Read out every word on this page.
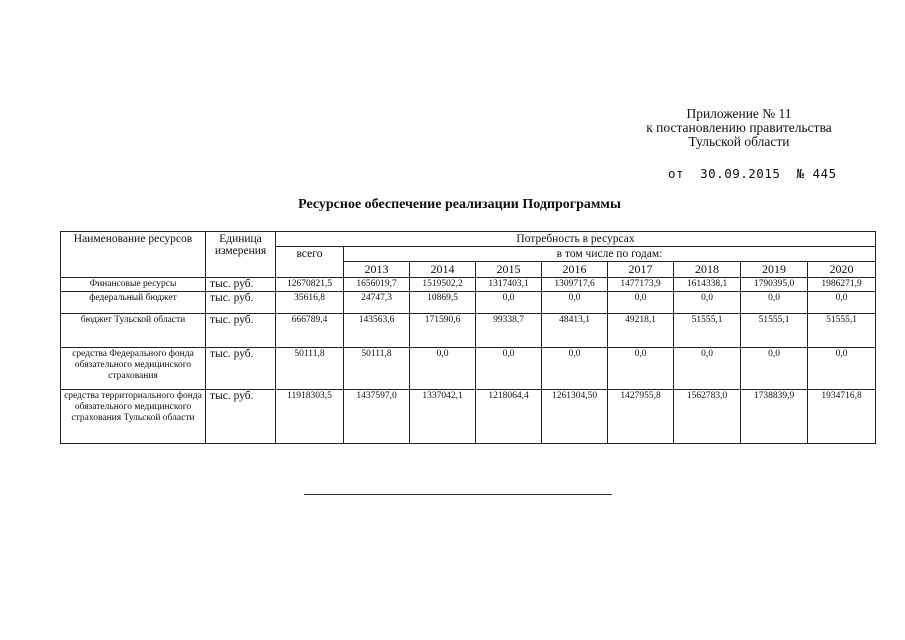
Приложение № 11
к постановлению правительства
Тульской области
от 30.09.2015 № 445
Ресурсное обеспечение реализации Подпрограммы
Наименование ресурсов	Единица измерения	Потребность в ресурсах								
		всего	в том числе по годам:							
			2013	2014	2015	2016	2017	2018	2019	2020
Финансовые ресурсы	тыс. руб.	12670821,5	1656019,7	1519502,2	1317403,1	1309717,6	1477173,9	1614338,1	1790395,0	1986271,9
федеральный бюджет	тыс. руб.	35616,8	24747,3	10869,5	0,0	0,0	0,0	0,0	0,0	0,0
бюджет Тульской области	тыс. руб.	666789,4	143563,6	171590,6	99338,7	48413,1	49218,1	51555,1	51555,1	51555,1
средства Федерального фонда обязательного медицинского страхования	тыс. руб.	50111,8	50111,8	0,0	0,0	0,0	0,0	0,0	0,0	0,0
средства территориального фонда обязательного медицинского страхования Тульской области	тыс. руб.	11918303,5	1437597,0	1337042,1	1218064,4	1261304,50	1427955,8	1562783,0	1738839,9	1934716,8
